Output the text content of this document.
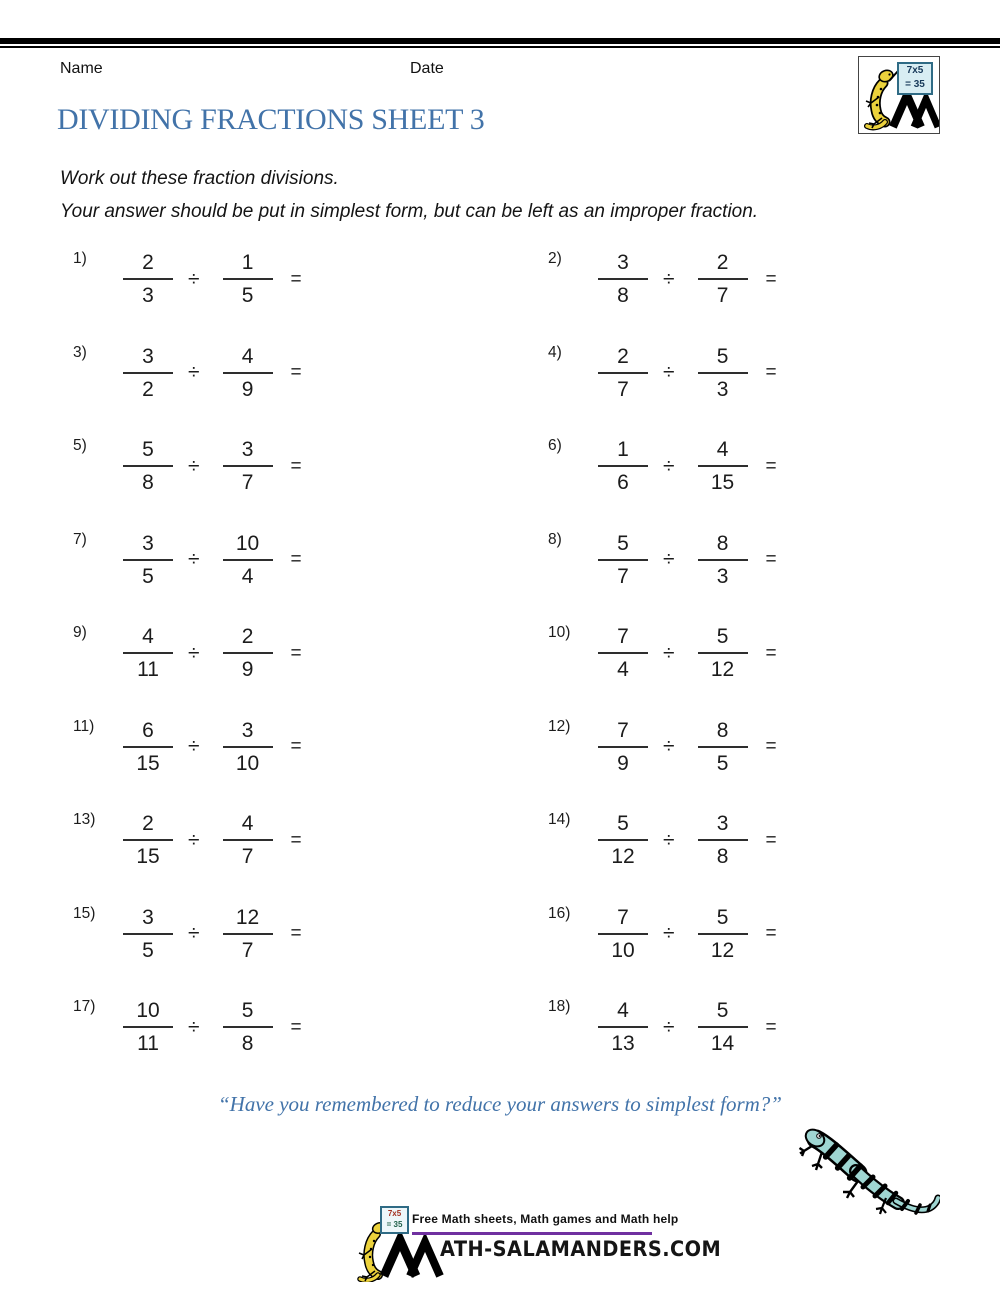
Name	Date	7x5
= 35
DIVIDING FRACTIONS SHEET 3
Work out these fraction divisions.
Your answer should be put in simplest form, but can be left as an improper fraction.
1)	$\frac{2}{3} \div \frac{1}{5}$ =
2)	$\frac{3}{8} \div \frac{2}{7}$ =
3)	$\frac{3}{2} \div \frac{4}{9}$ =
4)	$\frac{2}{7} \div \frac{5}{3}$ =
5)	$\frac{5}{8} \div \frac{3}{7}$ =
6)	$\frac{1}{6} \div \frac{4}{15}$ =
7)	$\frac{3}{5} \div \frac{10}{4}$ =
8)	$\frac{5}{7} \div \frac{8}{3}$ =
9)	$\frac{4}{11} \div \frac{2}{9}$ =
10)	$\frac{7}{4} \div \frac{5}{12}$ =
11)	$\frac{6}{15} \div \frac{3}{10}$ =
12)	$\frac{7}{9} \div \frac{8}{5}$ =
13)	$\frac{2}{15} \div \frac{4}{7}$ =
14)	$\frac{5}{12} \div \frac{3}{8}$ =
15)	$\frac{3}{5} \div \frac{12}{7}$ =
16)	$\frac{7}{10} \div \frac{5}{12}$ =
17)	$\frac{10}{11} \div \frac{5}{8}$ =
18)	$\frac{4}{13} \div \frac{5}{14}$ =
“Have you remembered to reduce your answers to simplest form?”
7x5
= 35 Free Math sheets, Math games and Math help
ATH-SALAMANDERS.COM
